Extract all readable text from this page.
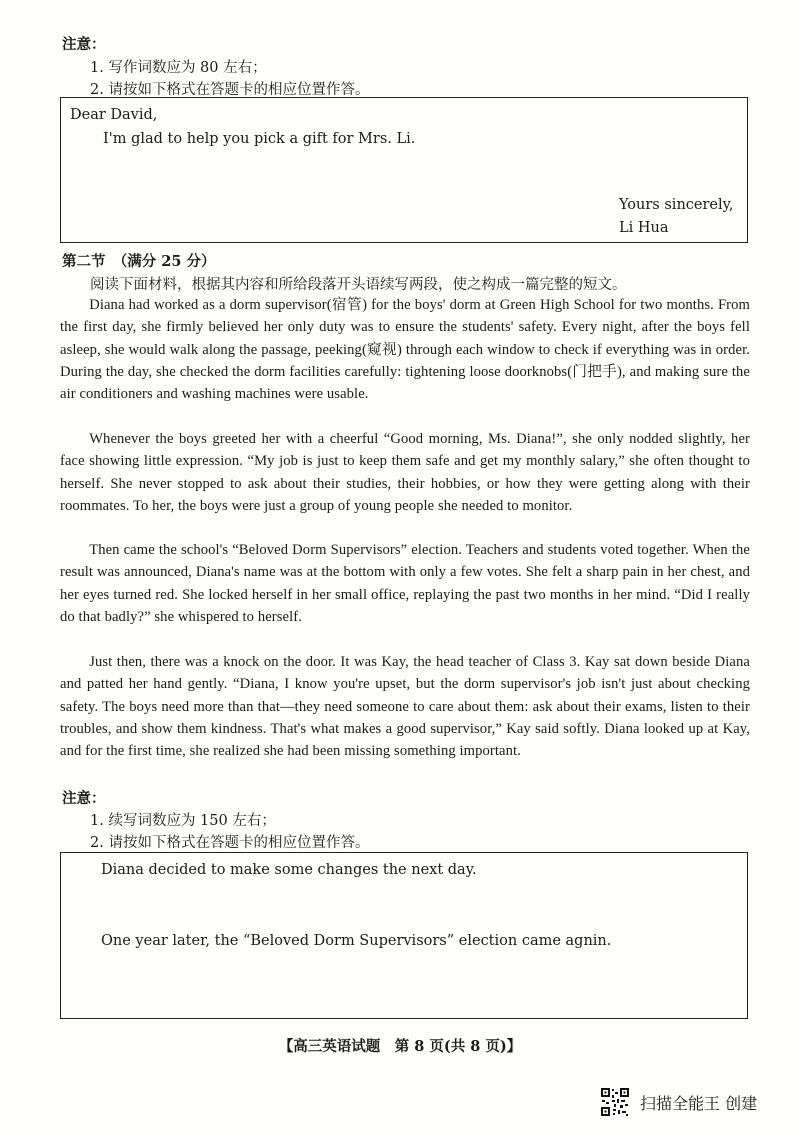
注意：
1. 写作词数应为 80 左右；
2. 请按如下格式在答题卡的相应位置作答。
Dear David,
I'm glad to help you pick a gift for Mrs. Li.
Yours sincerely,
Li Hua
第二节　（满分 25 分）
阅读下面材料，根据其内容和所给段落开头语续写两段，使之构成一篇完整的短文。
Diana had worked as a dorm supervisor(宿管) for the boys' dorm at Green High School for two months. From the first day, she firmly believed her only duty was to ensure the students' safety. Every night, after the boys fell asleep, she would walk along the passage, peeking(窥视) through each window to check if everything was in order. During the day, she checked the dorm facilities carefully: tightening loose doorknobs(门把手), and making sure the air conditioners and washing machines were usable.
Whenever the boys greeted her with a cheerful “Good morning, Ms. Diana!”, she only nodded slightly, her face showing little expression. “My job is just to keep them safe and get my monthly salary,” she often thought to herself. She never stopped to ask about their studies, their hobbies, or how they were getting along with their roommates. To her, the boys were just a group of young people she needed to monitor.
Then came the school's “Beloved Dorm Supervisors” election. Teachers and students voted together. When the result was announced, Diana's name was at the bottom with only a few votes. She felt a sharp pain in her chest, and her eyes turned red. She locked herself in her small office, replaying the past two months in her mind. “Did I really do that badly?” she whispered to herself.
Just then, there was a knock on the door. It was Kay, the head teacher of Class 3. Kay sat down beside Diana and patted her hand gently. “Diana, I know you're upset, but the dorm supervisor's job isn't just about checking safety. The boys need more than that—they need someone to care about them: ask about their exams, listen to their troubles, and show them kindness. That's what makes a good supervisor,” Kay said softly. Diana looked up at Kay, and for the first time, she realized she had been missing something important.
注意：
1. 续写词数应为 150 左右；
2. 请按如下格式在答题卡的相应位置作答。
Diana decided to make some changes the next day.
One year later, the “Beloved Dorm Supervisors” election came agnin.
【高三英语试题　第 8 页(共 8 页)】
扫描全能王 创建
